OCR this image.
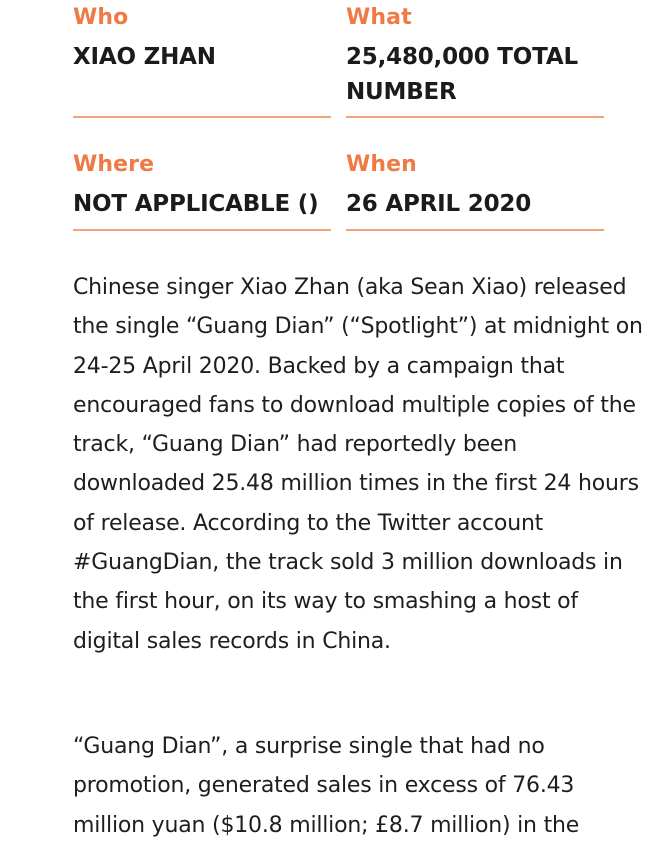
Who
XIAO ZHAN
What
25,480,000 TOTAL NUMBER
Where
NOT APPLICABLE ()
When
26 APRIL 2020

Chinese singer Xiao Zhan (aka Sean Xiao) released the single “Guang Dian” (“Spotlight”) at midnight on 24-25 April 2020. Backed by a campaign that encouraged fans to download multiple copies of the track, “Guang Dian” had reportedly been downloaded 25.48 million times in the first 24 hours of release. According to the Twitter account #GuangDian, the track sold 3 million downloads in the first hour, on its way to smashing a host of digital sales records in China.

“Guang Dian”, a surprise single that had no promotion, generated sales in excess of 76.43 million yuan ($10.8 million; £8.7 million) in the
